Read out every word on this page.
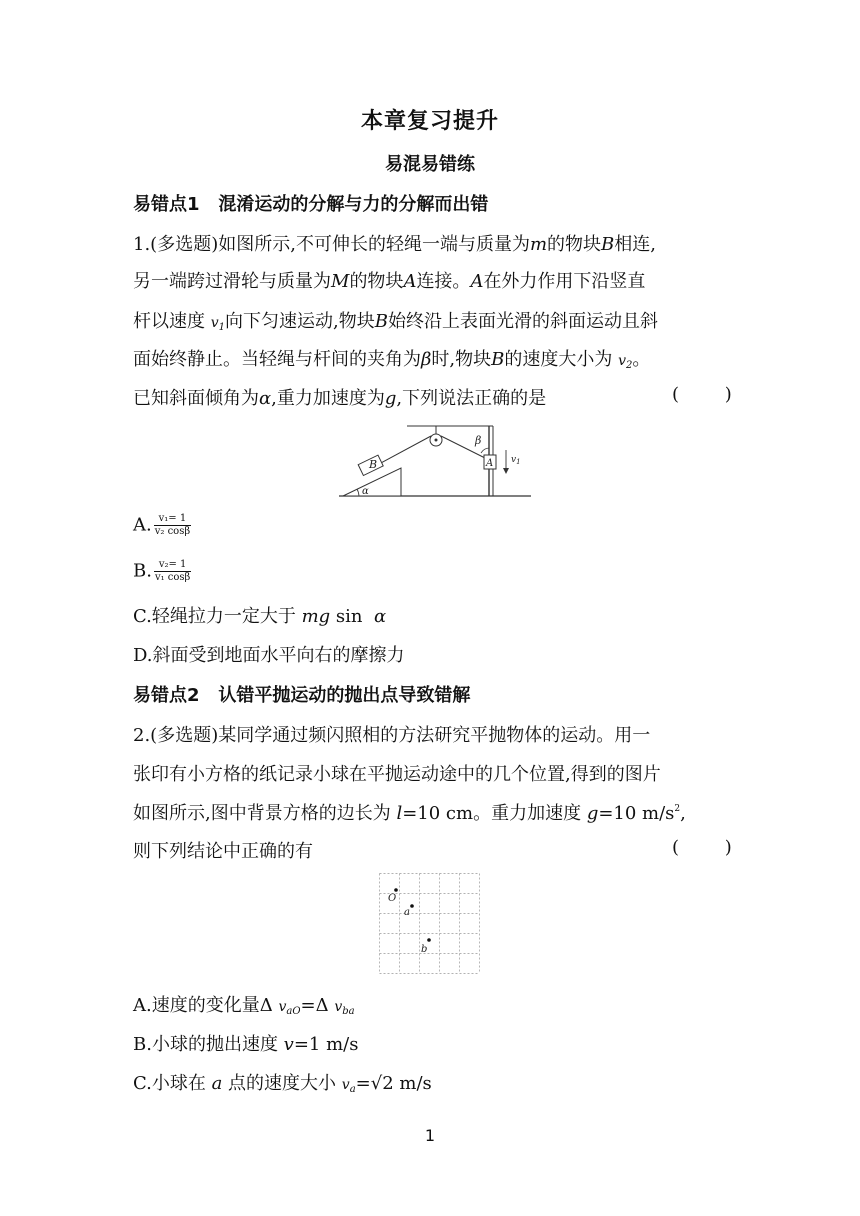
本章复习提升
易混易错练
易错点1   混淆运动的分解与力的分解而出错
1.(多选题)如图所示,不可伸长的轻绳一端与质量为m的物块B相连,
另一端跨过滑轮与质量为M的物块A连接。A在外力作用下沿竖直
杆以速度 $v_1$向下匀速运动,物块B始终沿上表面光滑的斜面运动且斜
面始终静止。当轻绳与杆间的夹角为β时,物块B的速度大小为 $v_2$。
已知斜面倾角为α,重力加速度为g,下列说法正确的是	(        )
B	A
α
β
$v_1$
A. $\frac{\text{v₁= 1}}{\text{v₂ cosβ}}$
B. $\frac{\text{v₂= 1}}{\text{v₁ cosβ}}$
C.轻绳拉力一定大于 mg sin  α
D.斜面受到地面水平向右的摩擦力
易错点2   认错平抛运动的抛出点导致错解
2.(多选题)某同学通过频闪照相的方法研究平抛物体的运动。用一
张印有小方格的纸记录小球在平抛运动途中的几个位置,得到的图片
如图所示,图中背景方格的边长为 l=10 cm。重力加速度 g=10 $m/s^2$,
则下列结论中正确的有	(        )
O
a
b
A.速度的变化量Δ $v_{aO}=\Delta$ $v_{ba}$
B.小球的抛出速度 v=1 m/s
C.小球在 a 点的速度大小 $v_a=√2$ m/s
1
